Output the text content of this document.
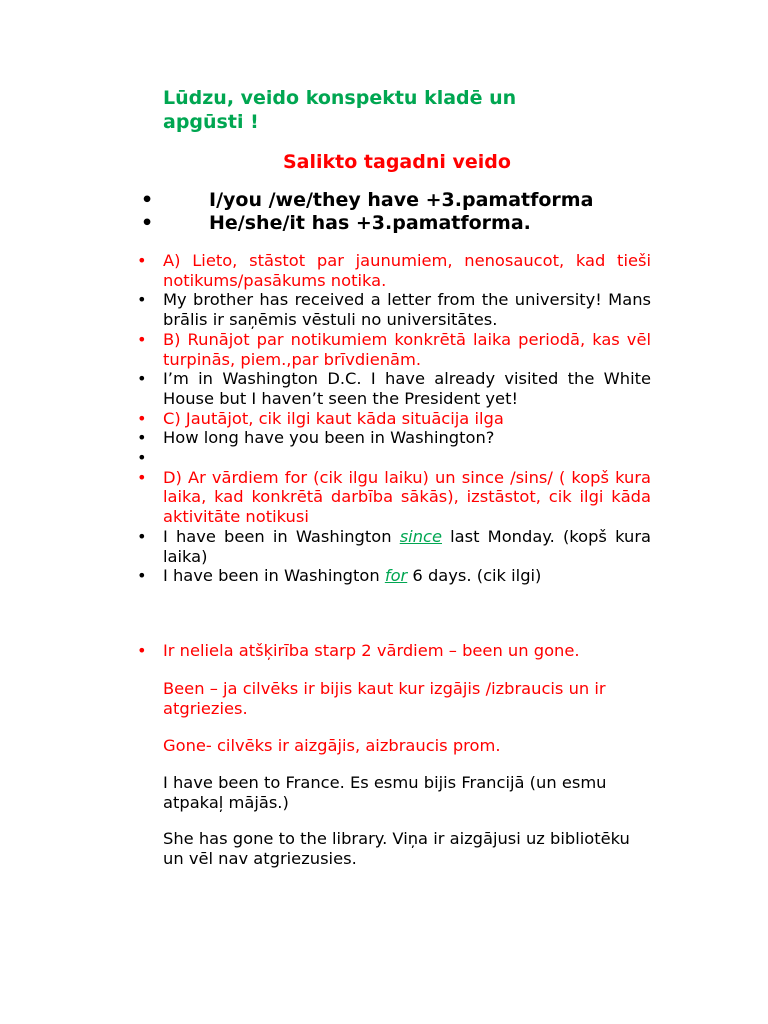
Lūdzu, veido konspektu kladē un apgūsti !
Salikto tagadni veido
•	I/you /we/they have +3.pamatforma
•	He/she/it has +3.pamatforma.
•	A) Lieto, stāstot par jaunumiem, nenosaucot, kad tieši notikums/pasākums notika.
•	My brother has received a letter from the university! Mans brālis ir saņēmis vēstuli no universitātes.
•	B) Runājot par notikumiem konkrētā laika periodā, kas vēl turpinās, piem.,par brīvdienām.
•	I’m in Washington D.C. I have already visited the White House but I haven’t seen the President yet!
•	C) Jautājot, cik ilgi kaut kāda situācija ilga
•	How long have you been in Washington?
•
•	D) Ar vārdiem for (cik ilgu laiku) un since /sins/ ( kopš kura laika, kad konkrētā darbība sākās), izstāstot, cik ilgi kāda aktivitāte notikusi
•	I have been in Washington since last Monday. (kopš kura laika)
•	I have been in Washington for 6 days. (cik ilgi)
•	Ir neliela atšķirība starp 2 vārdiem – been un gone.
Been – ja cilvēks ir bijis kaut kur izgājis /izbraucis un ir atgriezies.
Gone- cilvēks ir aizgājis, aizbraucis prom.
I have been to France. Es esmu bijis Francijā (un esmu atpakaļ mājās.)
She has gone to the library. Viņa ir aizgājusi uz bibliotēku un vēl nav atgriezusies.
